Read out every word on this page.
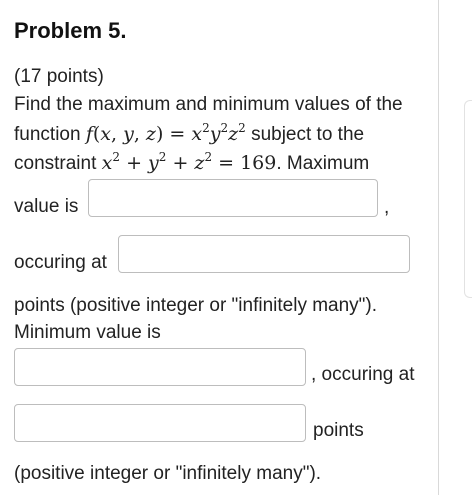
Problem 5.
(17 points)
Find the maximum and minimum values of the
function f(x, y, $z) = x^2y^2z^2$ subject to the
constraint $x^2 + y^2 + z^2 = 169$. Maximum
value is	,
occuring at
points (positive integer or "infinitely many").
Minimum value is
, occuring at
points
(positive integer or "infinitely many").
